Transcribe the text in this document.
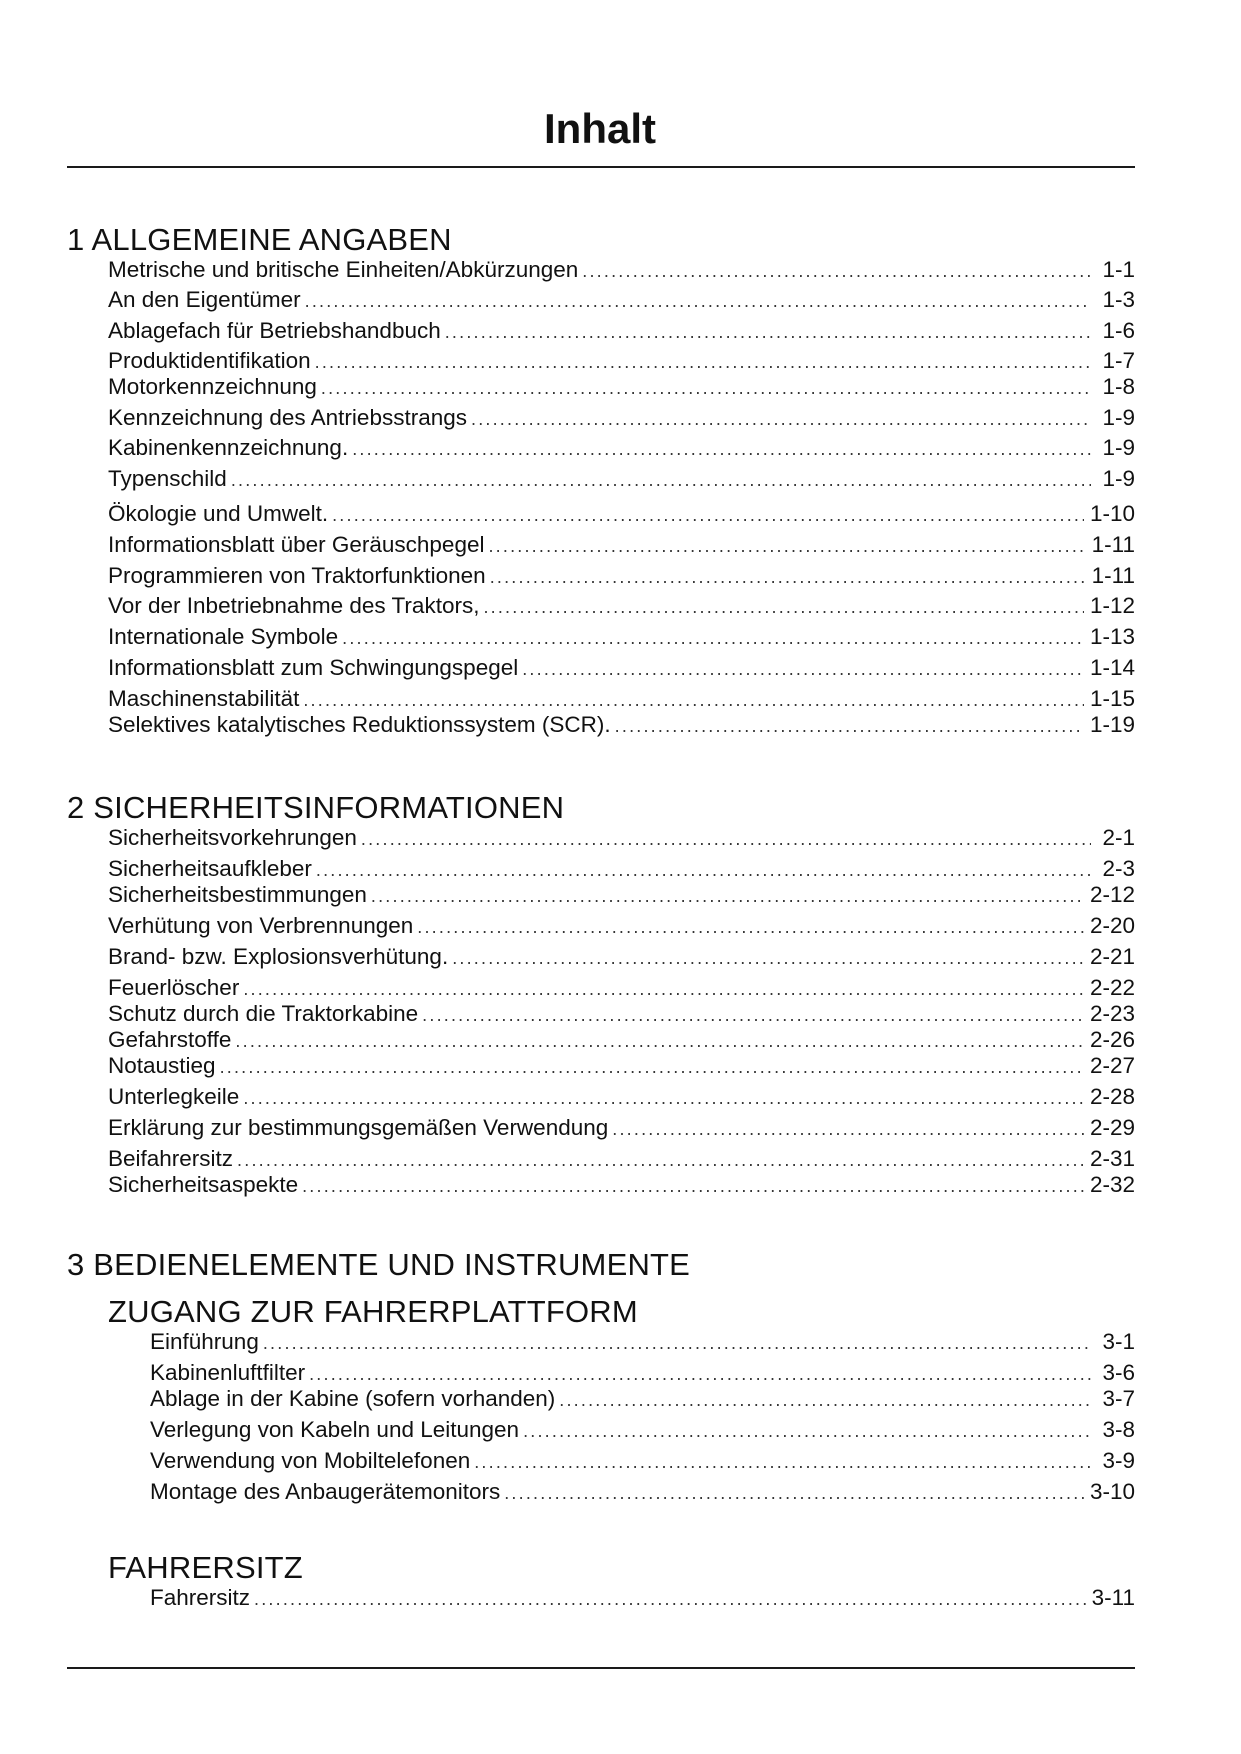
Inhalt
1 ALLGEMEINE ANGABEN
Metrische und britische Einheiten/Abkürzungen . . .	1-1
An den Eigentümer . . .	1-3
Ablagefach für Betriebshandbuch . . .	1-6
Produktidentifikation . . .	1-7
Motorkennzeichnung . . .	1-8
Kennzeichnung des Antriebsstrangs . . .	1-9
Kabinenkennzeichnung. . . .	1-9
Typenschild . . .	1-9
Ökologie und Umwelt. . . .	1-10
Informationsblatt über Geräuschpegel . . .	1-11
Programmieren von Traktorfunktionen . . .	1-11
Vor der Inbetriebnahme des Traktors, . . .	1-12
Internationale Symbole . . .	1-13
Informationsblatt zum Schwingungspegel . . .	1-14
Maschinenstabilität . . .	1-15
Selektives katalytisches Reduktionssystem (SCR). . . .	1-19
2 SICHERHEITSINFORMATIONEN
Sicherheitsvorkehrungen . . .	2-1
Sicherheitsaufkleber . . .	2-3
Sicherheitsbestimmungen . . .	2-12
Verhütung von Verbrennungen . . .	2-20
Brand- bzw. Explosionsverhütung. . . .	2-21
Feuerlöscher . . .	2-22
Schutz durch die Traktorkabine . . .	2-23
Gefahrstoffe . . .	2-26
Notaustieg . . .	2-27
Unterlegkeile . . .	2-28
Erklärung zur bestimmungsgemäßen Verwendung . . .	2-29
Beifahrersitz . . .	2-31
Sicherheitsaspekte . . .	2-32
3 BEDIENELEMENTE UND INSTRUMENTE
ZUGANG ZUR FAHRERPLATTFORM
Einführung . . .	3-1
Kabinenluftfilter . . .	3-6
Ablage in der Kabine (sofern vorhanden) . . .	3-7
Verlegung von Kabeln und Leitungen . . .	3-8
Verwendung von Mobiltelefonen . . .	3-9
Montage des Anbaugerätemonitors . . .	3-10
FAHRERSITZ
Fahrersitz . . .	3-11
